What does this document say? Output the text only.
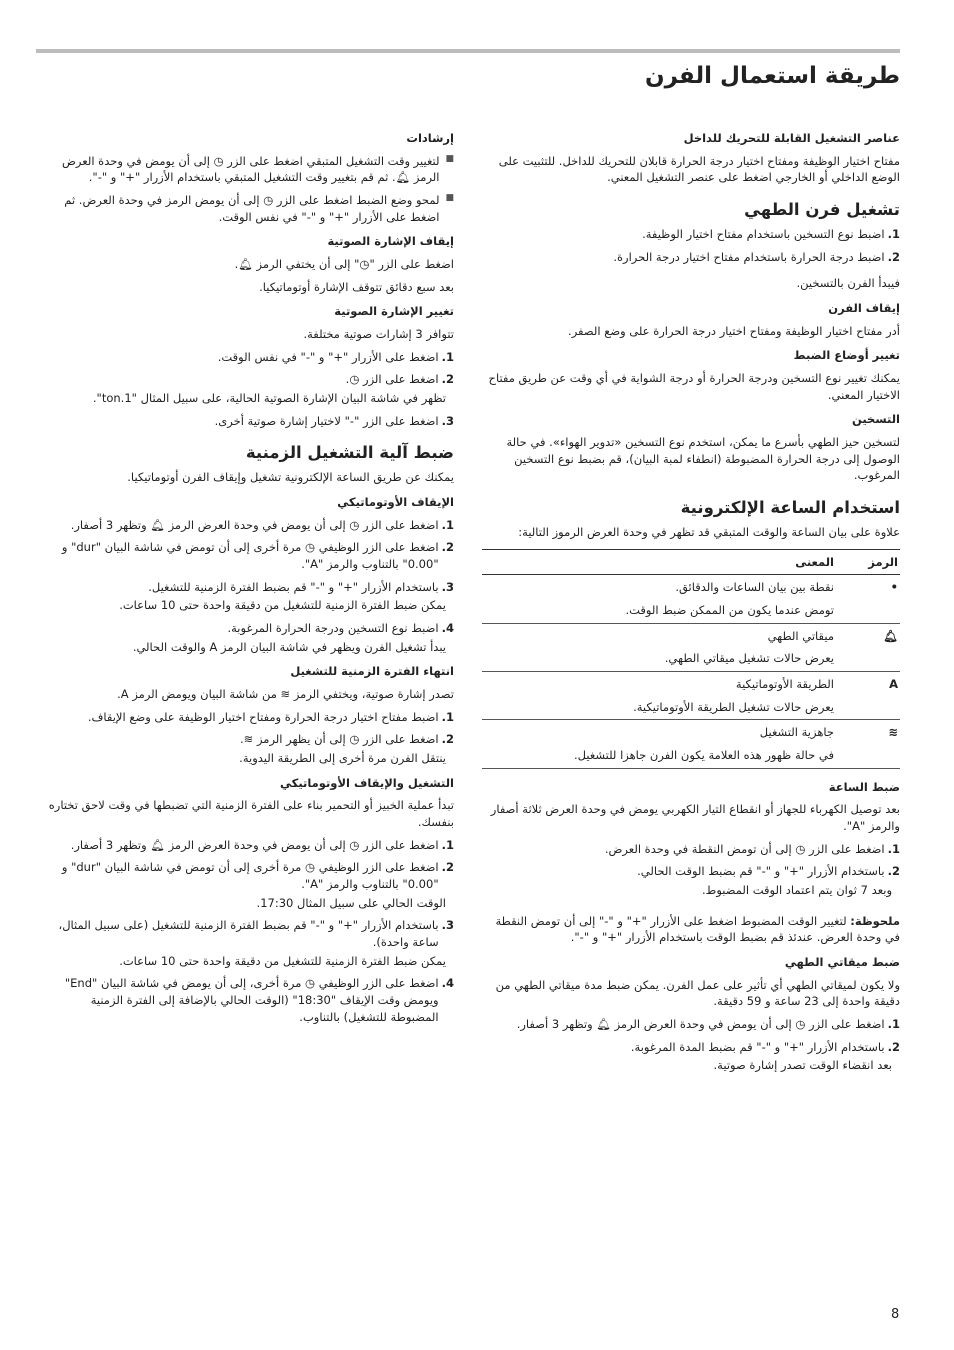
طريقة استعمال الفرن
عناصر التشغيل القابلة للتحريك للداخل

مفتاح اختيار الوظيفة ومفتاح اختيار درجة الحرارة قابلان للتحريك للداخل. للتثبيت على الوضع الداخلي أو الخارجي اضغط على عنصر التشغيل المعني.

تشغيل فرن الطهي
1.
اضبط نوع التسخين باستخدام مفتاح اختيار الوظيفة.
2.
اضبط درجة الحرارة باستخدام مفتاح اختيار درجة الحرارة.

فيبدأ الفرن بالتسخين.

إيقاف الفرن

أدر مفتاح اختيار الوظيفة ومفتاح اختيار درجة الحرارة على وضع الصفر.

تغيير أوضاع الضبط

يمكنك تغيير نوع التسخين ودرجة الحرارة أو درجة الشواية في أي وقت عن طريق مفتاح الاختيار المعني.

التسخين

لتسخين حيز الطهي بأسرع ما يمكن، استخدم نوع التسخين «تدوير الهواء». في حالة الوصول إلى درجة الحرارة المضبوطة (انطفاء لمبة البيان)، قم بضبط نوع التسخين المرغوب.

استخدام الساعة الإلكترونية

علاوة على بيان الساعة والوقت المتبقي قد تظهر في وحدة العرض الرموز التالية:

الرمز	المعنى
•	نقطة بين بيان الساعات والدقائق.
تومض عندما يكون من الممكن ضبط الوقت.

🔔︎	ميقاتي الطهي
يعرض حالات تشغيل ميقاتي الطهي.

A	الطريقة الأوتوماتيكية
يعرض حالات تشغيل الطريقة الأوتوماتيكية.

≋	جاهزية التشغيل
في حالة ظهور هذه العلامة يكون الفرن جاهزا للتشغيل.
ضبط الساعة

بعد توصيل الكهرباء للجهاز أو انقطاع التيار الكهربي يومض في وحدة العرض ثلاثة أصفار والرمز "A".

1.
اضغط على الزر ◷ إلى أن تومض النقطة في وحدة العرض.
2.
باستخدام الأزرار "+" و "-" قم بضبط الوقت الحالي.

وبعد 7 ثوان يتم اعتماد الوقت المضبوط.

ملحوظة: لتغيير الوقت المضبوط اضغط على الأزرار "+" و "-" إلى أن تومض النقطة في وحدة العرض. عندئذ قم بضبط الوقت باستخدام الأزرار "+" و "-".

ضبط ميقاتي الطهي

ولا يكون لميقاتي الطهي أي تأثير على عمل الفرن. يمكن ضبط مدة ميقاتي الطهي من دقيقة واحدة إلى 23 ساعة و 59 دقيقة.

1.
اضغط على الزر ◷ إلى أن يومض في وحدة العرض الرمز 🔔︎ وتظهر 3 أصفار.
2.
باستخدام الأزرار "+" و "-" قم بضبط المدة المرغوبة.

بعد انقضاء الوقت تصدر إشارة صوتية.

إرشادات
■
لتغيير وقت التشغيل المتبقي اضغط على الزر ◷ إلى أن يومض في وحدة العرض الرمز 🔔︎. ثم قم بتغيير وقت التشغيل المتبقي باستخدام الأزرار "+" و "-".
■
لمحو وضع الضبط اضغط على الزر ◷ إلى أن يومض الرمز في وحدة العرض. ثم اضغط على الأزرار "+" و "-" في نفس الوقت.
إيقاف الإشارة الصوتية

اضغط على الزر "◷" إلى أن يختفي الرمز 🔔︎.

بعد سبع دقائق تتوقف الإشارة أوتوماتيكيا.

تغيير الإشارة الصوتية

تتوافر 3 إشارات صوتية مختلفة.

1.
اضغط على الأزرار "+" و "-" في نفس الوقت.
2.
اضغط على الزر ◷.

تظهر في شاشة البيان الإشارة الصوتية الحالية، على سبيل المثال "ton.1".

3.
اضغط على الزر "-" لاختيار إشارة صوتية أخرى.
ضبط آلية التشغيل الزمنية

يمكنك عن طريق الساعة الإلكترونية تشغيل وإيقاف الفرن أوتوماتيكيا.

الإيقاف الأوتوماتيكي
1.
اضغط على الزر ◷ إلى أن يومض في وحدة العرض الرمز 🔔︎ وتظهر 3 أصفار.
2.
اضغط على الزر الوظيفي ◷ مرة أخرى إلى أن تومض في شاشة البيان "dur" و "0.00" بالتناوب والرمز "A".
3.
باستخدام الأزرار "+" و "-" قم بضبط الفترة الزمنية للتشغيل.

يمكن ضبط الفترة الزمنية للتشغيل من دقيقة واحدة حتى 10 ساعات.

4.
اضبط نوع التسخين ودرجة الحرارة المرغوبة.

يبدأ تشغيل الفرن ويظهر في شاشة البيان الرمز A والوقت الحالي.

انتهاء الفترة الزمنية للتشغيل

تصدر إشارة صوتية، ويختفي الرمز ≋ من شاشة البيان ويومض الرمز A.

1.
اضبط مفتاح اختيار درجة الحرارة ومفتاح اختيار الوظيفة على وضع الإيقاف.
2.
اضغط على الزر ◷ إلى أن يظهر الرمز ≋.

ينتقل الفرن مرة أخرى إلى الطريقة اليدوية.

التشغيل والإيقاف الأوتوماتيكي

تبدأ عملية الخبيز أو التحمير بناء على الفترة الزمنية التي تضبطها في وقت لاحق تختاره بنفسك.

1.
اضغط على الزر ◷ إلى أن يومض في وحدة العرض الرمز 🔔︎ وتظهر 3 أصفار.
2.
اضغط على الزر الوظيفي ◷ مرة أخرى إلى أن تومض في شاشة البيان "dur" و "0.00" بالتناوب والرمز "A".

الوقت الحالي على سبيل المثال 17:30.

3.
باستخدام الأزرار "+" و "-" قم بضبط الفترة الزمنية للتشغيل (على سبيل المثال، ساعة واحدة).

يمكن ضبط الفترة الزمنية للتشغيل من دقيقة واحدة حتى 10 ساعات.

4.
اضغط على الزر الوظيفي ◷ مرة أخرى، إلى أن يومض في شاشة البيان "End" ويومض وقت الإيقاف "18:30" (الوقت الحالي بالإضافة إلى الفترة الزمنية المضبوطة للتشغيل) بالتناوب.
8
